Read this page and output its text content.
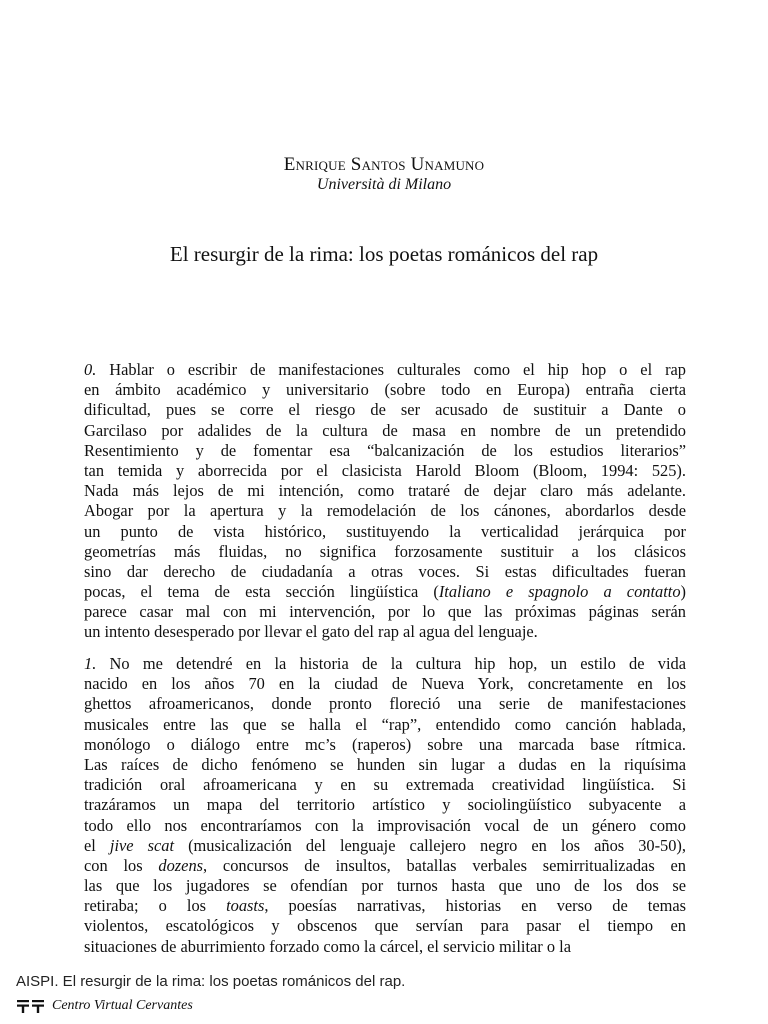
Enrique Santos Unamuno
Università di Milano
El resurgir de la rima: los poetas románicos del rap
0. Hablar o escribir de manifestaciones culturales como el hip hop o el rap
en ámbito académico y universitario (sobre todo en Europa) entraña cierta
dificultad, pues se corre el riesgo de ser acusado de sustituir a Dante o
Garcilaso por adalides de la cultura de masa en nombre de un pretendido
Resentimiento y de fomentar esa “balcanización de los estudios literarios”
tan temida y aborrecida por el clasicista Harold Bloom (Bloom, 1994: 525).
Nada más lejos de mi intención, como trataré de dejar claro más adelante.
Abogar por la apertura y la remodelación de los cánones, abordarlos desde
un punto de vista histórico, sustituyendo la verticalidad jerárquica por
geometrías más fluidas, no significa forzosamente sustituir a los clásicos
sino dar derecho de ciudadanía a otras voces. Si estas dificultades fueran
pocas, el tema de esta sección lingüística (Italiano e spagnolo a contatto)
parece casar mal con mi intervención, por lo que las próximas páginas serán
un intento desesperado por llevar el gato del rap al agua del lenguaje.
1. No me detendré en la historia de la cultura hip hop, un estilo de vida
nacido en los años 70 en la ciudad de Nueva York, concretamente en los
ghettos afroamericanos, donde pronto floreció una serie de manifestaciones
musicales entre las que se halla el “rap”, entendido como canción hablada,
monólogo o diálogo entre mc’s (raperos) sobre una marcada base rítmica.
Las raíces de dicho fenómeno se hunden sin lugar a dudas en la riquísima
tradición oral afroamericana y en su extremada creatividad lingüística. Si
trazáramos un mapa del territorio artístico y sociolingüístico subyacente a
todo ello nos encontraríamos con la improvisación vocal de un género como
el jive scat (musicalización del lenguaje callejero negro en los años 30-50),
con los dozens, concursos de insultos, batallas verbales semirritualizadas en
las que los jugadores se ofendían por turnos hasta que uno de los dos se
retiraba; o los toasts, poesías narrativas, historias en verso de temas
violentos, escatológicos y obscenos que servían para pasar el tiempo en
situaciones de aburrimiento forzado como la cárcel, el servicio militar o la
AISPI. El resurgir de la rima: los poetas románicos del rap.
Centro Virtual Cervantes
